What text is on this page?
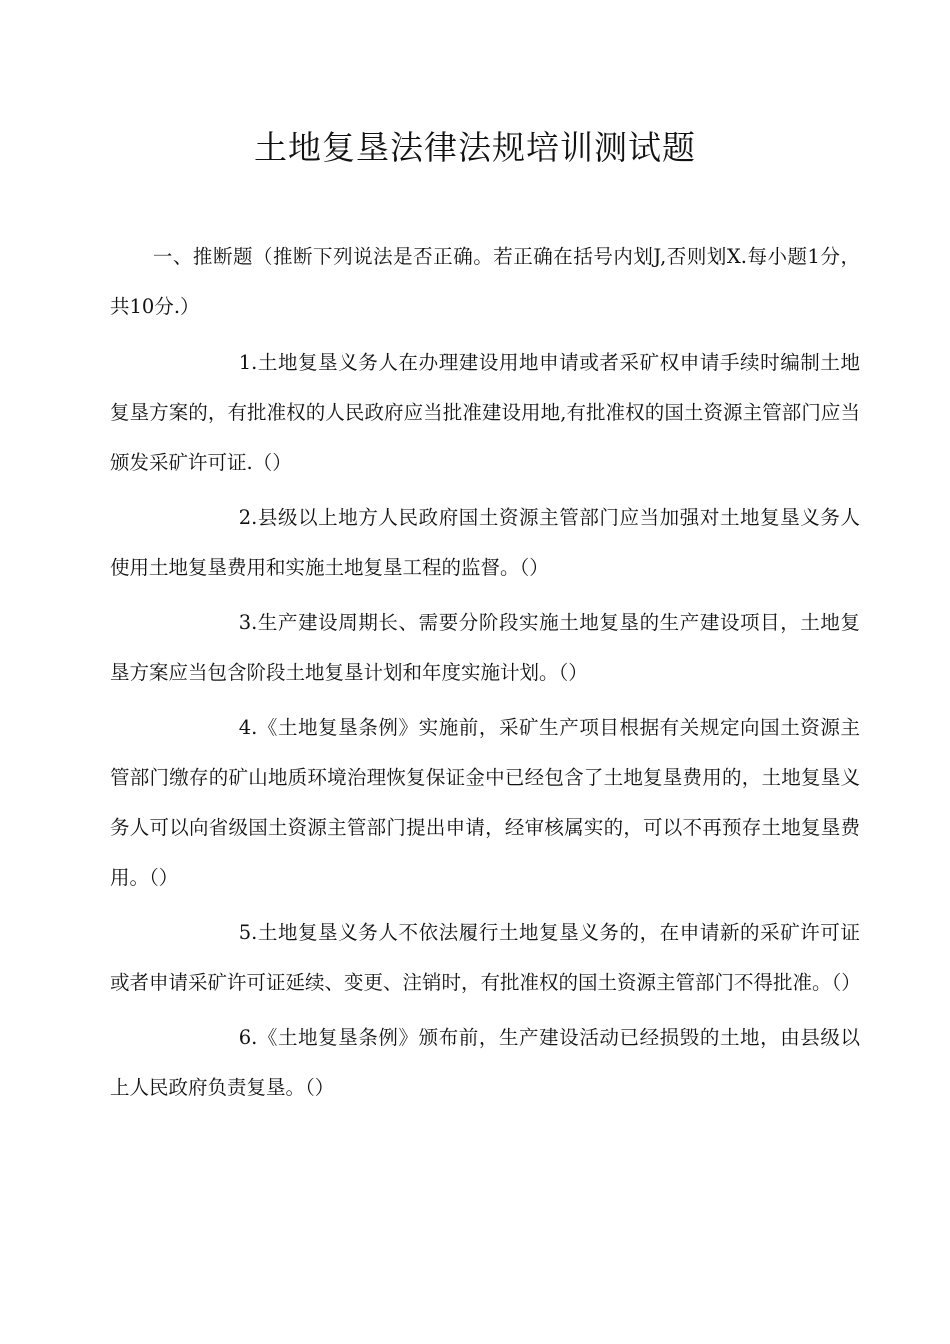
土地复垦法律法规培训测试题

一、推断题（推断下列说法是否正确。若正确在括号内划J,否则划X.每小题1分，共10分.）

1.土地复垦义务人在办理建设用地申请或者采矿权申请手续时编制土地复垦方案的，有批准权的人民政府应当批准建设用地,有批准权的国土资源主管部门应当颁发采矿许可证.（）

2.县级以上地方人民政府国土资源主管部门应当加强对土地复垦义务人使用土地复垦费用和实施土地复垦工程的监督。（）

3.生产建设周期长、需要分阶段实施土地复垦的生产建设项目，土地复垦方案应当包含阶段土地复垦计划和年度实施计划。（）

4.《土地复垦条例》实施前，采矿生产项目根据有关规定向国土资源主管部门缴存的矿山地质环境治理恢复保证金中已经包含了土地复垦费用的，土地复垦义务人可以向省级国土资源主管部门提出申请，经审核属实的，可以不再预存土地复垦费用。（）

5.土地复垦义务人不依法履行土地复垦义务的，在申请新的采矿许可证或者申请采矿许可证延续、变更、注销时，有批准权的国土资源主管部门不得批准。（）

6.《土地复垦条例》颁布前，生产建设活动已经损毁的土地，由县级以上人民政府负责复垦。（）
